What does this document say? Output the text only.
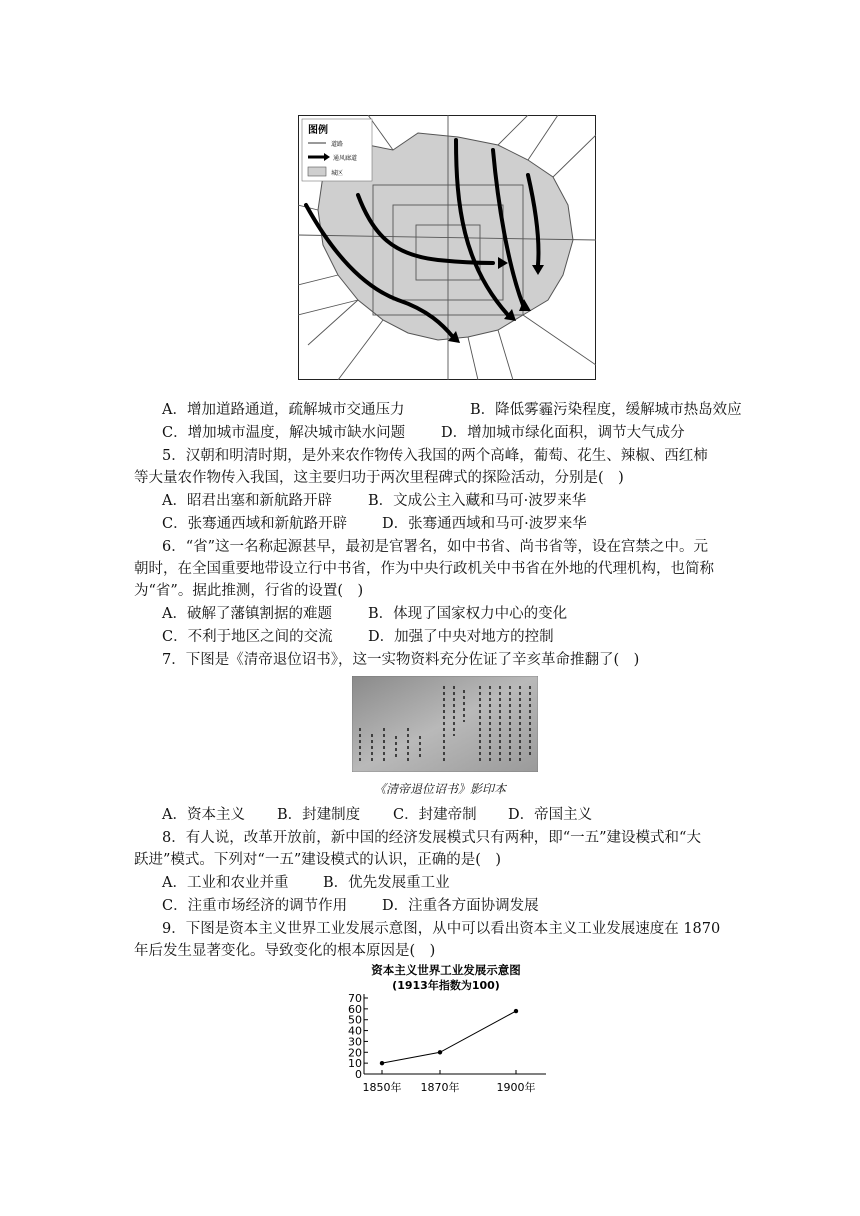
图例
道路
通风廊道
城区
A．增加道路通道，疏解城市交通压力	B．降低雾霾污染程度，缓解城市热岛效应
C．增加城市温度，解决城市缺水问题 D．增加城市绿化面积，调节大气成分
5．汉朝和明清时期，是外来农作物传入我国的两个高峰，葡萄、花生、辣椒、西红柿
等大量农作物传入我国，这主要归功于两次里程碑式的探险活动，分别是(　)
A．昭君出塞和新航路开辟 B．文成公主入藏和马可·波罗来华
C．张骞通西域和新航路开辟 D．张骞通西域和马可·波罗来华
6．“省”这一名称起源甚早，最初是官署名，如中书省、尚书省等，设在宫禁之中。元
朝时，在全国重要地带设立行中书省，作为中央行政机关中书省在外地的代理机构，也简称
为“省”。据此推测，行省的设置(　)
A．破解了藩镇割据的难题 B．体现了国家权力中心的变化
C．不利于地区之间的交流 D．加强了中央对地方的控制
7．下图是《清帝退位诏书》，这一实物资料充分佐证了辛亥革命推翻了(　)
《清帝退位诏书》影印本
A．资本主义 B．封建制度 C．封建帝制 D．帝国主义
8．有人说，改革开放前，新中国的经济发展模式只有两种，即“一五”建设模式和“大
跃进”模式。下列对“一五”建设模式的认识，正确的是(　)
A．工业和农业并重 B．优先发展重工业
C．注重市场经济的调节作用 D．注重各方面协调发展
9．下图是资本主义世界工业发展示意图，从中可以看出资本主义工业发展速度在 1870
年后发生显著变化。导致变化的根本原因是(　)
资本主义世界工业发展示意图
(1913年指数为100)
0
10
20
30
40
50
60
70
1850年 1870年	1900年
